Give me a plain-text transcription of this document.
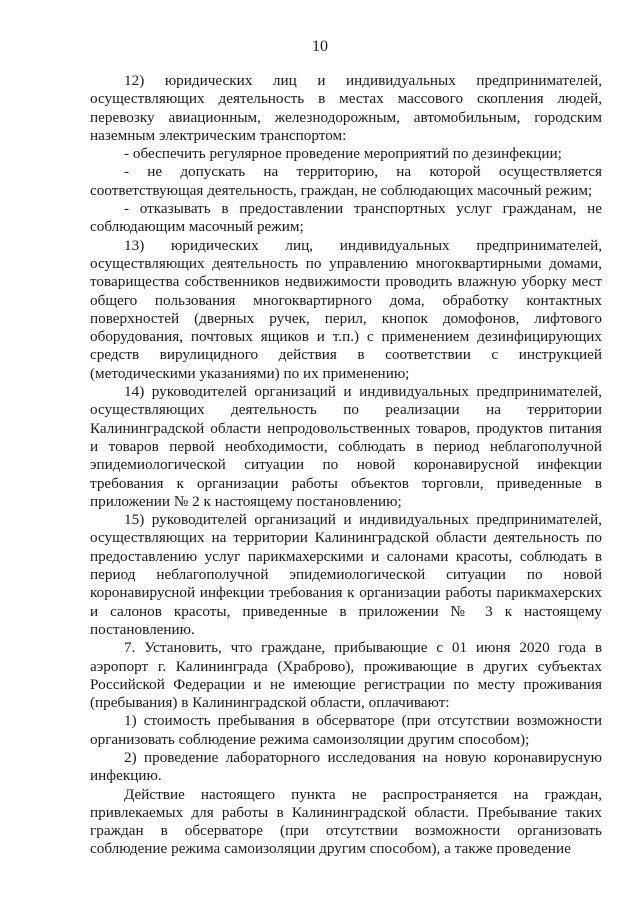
10

12) юридических лиц и индивидуальных предпринимателей, осуществляющих деятельность в местах массового скопления людей, перевозку авиационным, железнодорожным, автомобильным, городским наземным электрическим транспортом:

- обеспечить регулярное проведение мероприятий по дезинфекции;

- не допускать на территорию, на которой осуществляется соответствующая деятельность, граждан, не соблюдающих масочный режим;

- отказывать в предоставлении транспортных услуг гражданам, не соблюдающим масочный режим;

13) юридических лиц, индивидуальных предпринимателей, осуществляющих деятельность по управлению многоквартирными домами, товарищества собственников недвижимости проводить влажную уборку мест общего пользования многоквартирного дома, обработку контактных поверхностей (дверных ручек, перил, кнопок домофонов, лифтового оборудования, почтовых ящиков и т.п.) с применением дезинфицирующих средств вирулицидного действия в соответствии с инструкцией (методическими указаниями) по их применению;

14) руководителей организаций и индивидуальных предпринимателей, осуществляющих деятельность по реализации на территории Калининградской области непродовольственных товаров, продуктов питания и товаров первой необходимости, соблюдать в период неблагополучной эпидемиологической ситуации по новой коронавирусной инфекции требования к организации работы объектов торговли, приведенные в приложении № 2 к настоящему постановлению;

15) руководителей организаций и индивидуальных предпринимателей, осуществляющих на территории Калининградской области деятельность по предоставлению услуг парикмахерскими и салонами красоты, соблюдать в период неблагополучной эпидемиологической ситуации по новой коронавирусной инфекции требования к организации работы парикмахерских и салонов красоты, приведенные в приложении № 3 к настоящему постановлению.

7. Установить, что граждане, прибывающие с 01 июня 2020 года в аэропорт г. Калининграда (Храброво), проживающие в других субъектах Российской Федерации и не имеющие регистрации по месту проживания (пребывания) в Калининградской области, оплачивают:

1) стоимость пребывания в обсерваторе (при отсутствии возможности организовать соблюдение режима самоизоляции другим способом);

2) проведение лабораторного исследования на новую коронавирусную инфекцию.

Действие настоящего пункта не распространяется на граждан, привлекаемых для работы в Калининградской области. Пребывание таких граждан в обсерваторе (при отсутствии возможности организовать соблюдение режима самоизоляции другим способом), а также проведение
